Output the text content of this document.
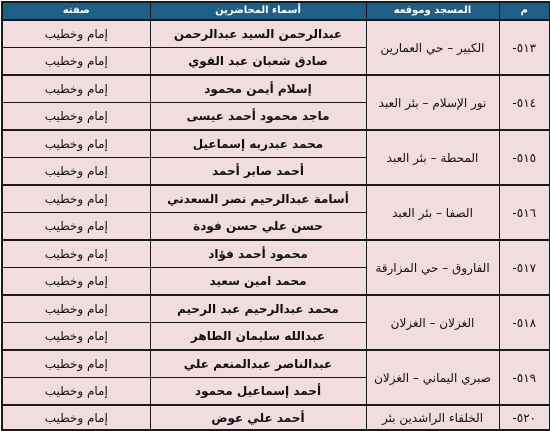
م	المسجد وموقعه	أسماء المحاضرين	صفته
٥١٣-	الكبير – حي العمارين	عبدالرحمن السيد عبدالرحمن	إمام وخطيب
		صادق شعبان عبد القوي	إمام وخطيب
٥١٤-	نور الإسلام – بئر العبد	إسلام أيمن محمود	إمام وخطيب
		ماجد محمود أحمد عيسى	إمام وخطيب
٥١٥-	المحطة – بئر العبد	محمد عبدربه إسماعيل	إمام وخطيب
		أحمد صابر أحمد	إمام وخطيب
٥١٦-	الصفا – بئر العبد	أسامة عبدالرحيم نصر السعدني	إمام وخطيب
		حسن علي حسن فودة	إمام وخطيب
٥١٧-	الفاروق – حي المزارقة	محمود أحمد فؤاد	إمام وخطيب
		محمد امين سعيد	إمام وخطيب
٥١٨-	الغزلان – الغزلان	محمد عبدالرحيم عبد الرحيم	إمام وخطيب
		عبدالله سليمان الطاهر	إمام وخطيب
٥١٩-	صبري اليماني – الغزلان	عبدالناصر عبدالمنعم علي	إمام وخطيب
		أحمد إسماعيل محمود	إمام وخطيب
٥٢٠-	الخلفاء الراشدين بئر	أحمد علي عوض	إمام وخطيب
